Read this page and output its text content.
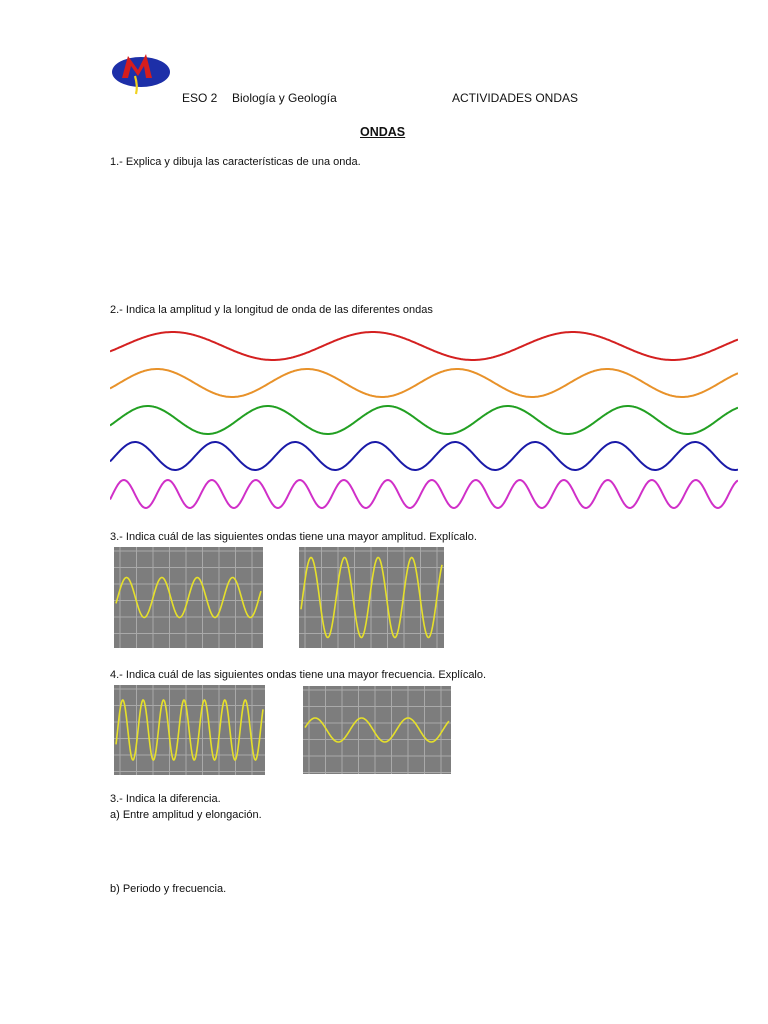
ESO 2 Biología y Geología	ACTIVIDADES ONDAS
ONDAS
1.- Explica y dibuja las características de una onda.
2.- Indica la amplitud y la longitud de onda de las diferentes ondas
3.- Indica cuál de las siguientes ondas tiene una mayor amplitud. Explícalo.
4.- Indica cuál de las siguientes ondas tiene una mayor frecuencia. Explícalo.
3.- Indica la diferencia.
a) Entre amplitud y elongación.
b) Periodo y frecuencia.
